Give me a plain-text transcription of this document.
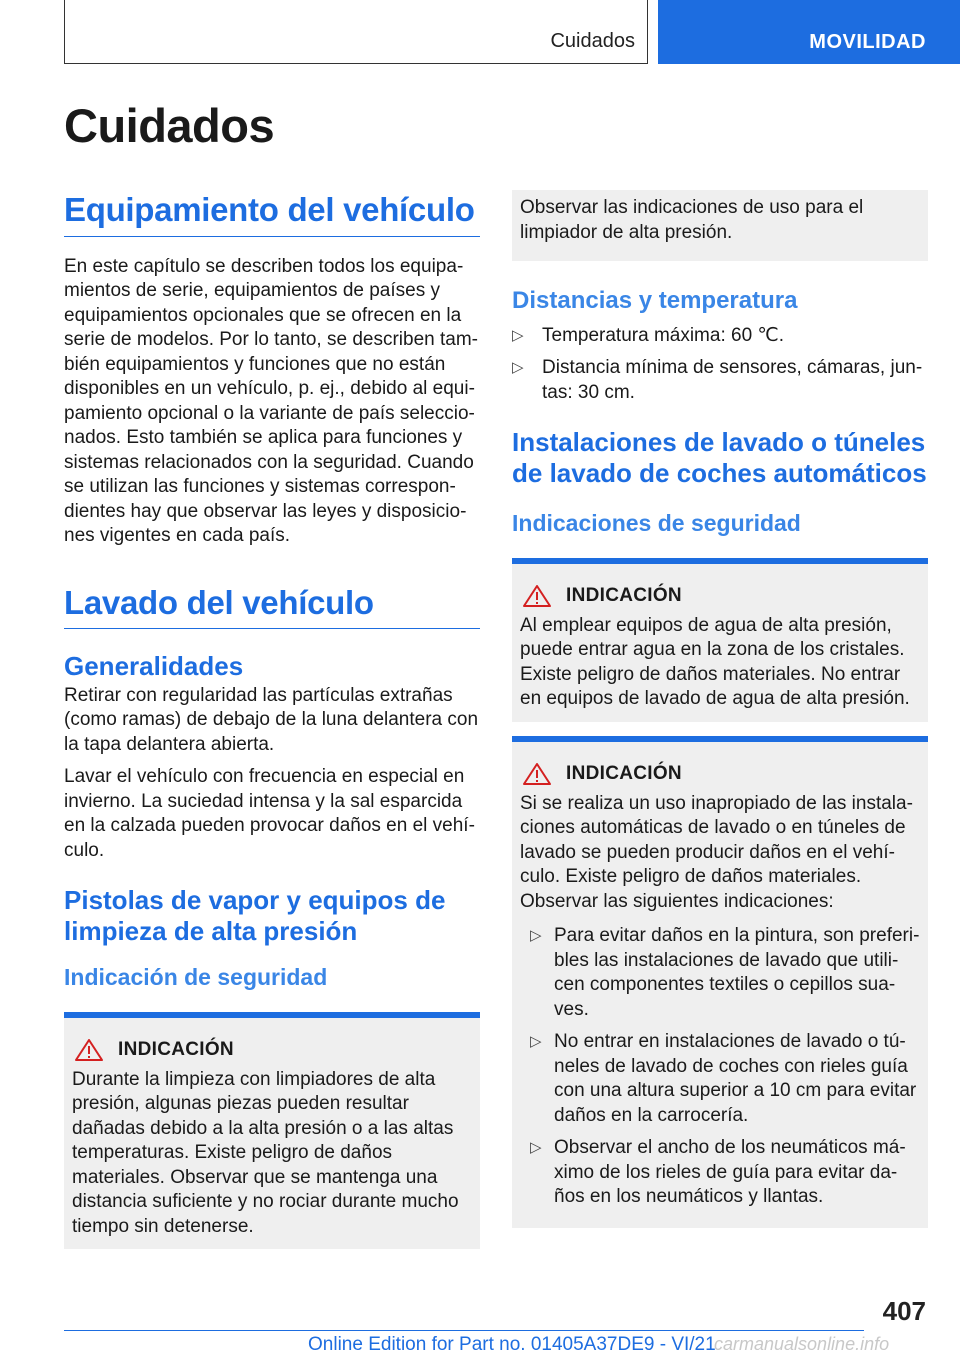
Cuidados	MOVILIDAD
Cuidados
Equipamiento del vehículo

En este capítulo se describen todos los equipamientos de serie, equipamientos de países y equipamientos opcionales que se ofrecen en la serie de modelos. Por lo tanto, se describen también equipamientos y funciones que no están disponibles en un vehículo, p. ej., debido al equipamiento opcional o la variante de país seleccionados. Esto también se aplica para funciones y sistemas relacionados con la seguridad. Cuando se utilizan las funciones y sistemas correspondientes hay que observar las leyes y disposiciones vigentes en cada país.

Lavado del vehículo
Generalidades

Retirar con regularidad las partículas extrañas (como ramas) de debajo de la luna delantera con la tapa delantera abierta.

Lavar el vehículo con frecuencia en especial en invierno. La suciedad intensa y la sal esparcida en la calzada pueden provocar daños en el vehículo.

Pistolas de vapor y equipos de limpieza de alta presión
Indicación de seguridad
INDICACIÓN

Durante la limpieza con limpiadores de alta presión, algunas piezas pueden resultar dañadas debido a la alta presión o a las altas temperaturas. Existe peligro de daños materiales. Observar que se mantenga una distancia suficiente y no rociar durante mucho tiempo sin detenerse.

Observar las indicaciones de uso para el limpiador de alta presión.

Distancias y temperatura
▷ Temperatura máxima: 60 ℃.
▷ Distancia mínima de sensores, cámaras, juntas: 30 cm.
Instalaciones de lavado o túneles de lavado de coches automáticos
Indicaciones de seguridad
INDICACIÓN

Al emplear equipos de agua de alta presión, puede entrar agua en la zona de los cristales. Existe peligro de daños materiales. No entrar en equipos de lavado de agua de alta presión.

INDICACIÓN

Si se realiza un uso inapropiado de las instalaciones automáticas de lavado o en túneles de lavado se pueden producir daños en el vehículo. Existe peligro de daños materiales. Observar las siguientes indicaciones:

▷ Para evitar daños en la pintura, son preferibles las instalaciones de lavado que utilicen componentes textiles o cepillos suaves.
▷ No entrar en instalaciones de lavado o túneles de lavado de coches con rieles guía con una altura superior a 10 cm para evitar daños en la carrocería.
▷ Observar el ancho de los neumáticos máximo de los rieles de guía para evitar daños en los neumáticos y llantas.
407
Online Edition for Part no. 01405A37DE9 - VI/21
carmanualsonline.info
